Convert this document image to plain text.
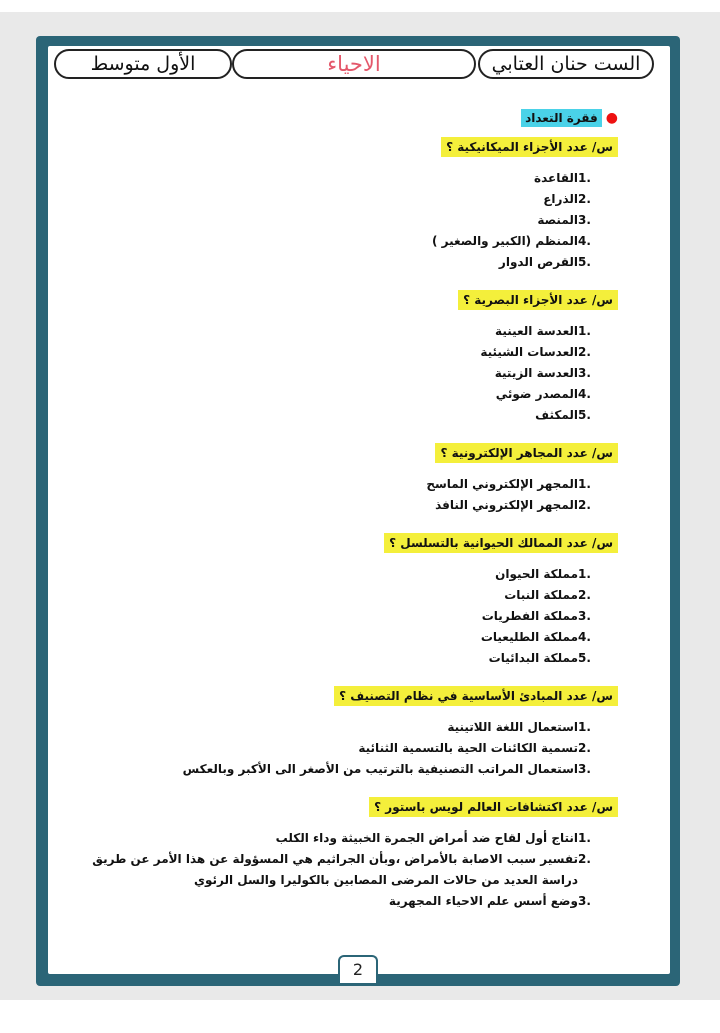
الست حنان العتابي
الاحياء
الأول متوسط
●
فقرة التعداد
س/ عدد الأجزاء الميكانيكية ؟
1.
القاعدة
2.
الذراع
3.
المنصة
4.
المنظم (الكبير والصغير )
5.
القرص الدوار
س/ عدد الأجزاء البصرية ؟
1.
العدسة العينية
2.
العدسات الشيئية
3.
العدسة الزيتية
4.
المصدر ضوئي
5.
المكثف
س/ عدد المجاهر الإلكترونية ؟
1.
المجهر الإلكتروني الماسح
2.
المجهر الإلكتروني النافذ
س/ عدد الممالك الحيوانية بالتسلسل ؟
1.
مملكة الحيوان
2.
مملكة النبات
3.
مملكة الفطريات
4.
مملكة الطليعيات
5.
مملكة البدائيات
س/ عدد المبادئ الأساسية في نظام التصنيف ؟
1.
استعمال اللغة اللاتينية
2.
تسمية الكائنات الحية بالتسمية الثنائية
3.
استعمال المراتب التصنيفية بالترتيب من الأصغر الى الأكبر وبالعكس
س/ عدد اكتشافات العالم لويس باستور ؟
1.
انتاج أول لقاح ضد أمراض الجمرة الخبيثة وداء الكلب
2.
تفسير سبب الاصابة بالأمراض ،وبأن الجراثيم هي المسؤولة عن هذا الأمر عن طريق دراسة العديد من حالات المرضى المصابين بالكوليرا والسل الرئوي
3.
وضع أسس علم الاحياء المجهرية
2
